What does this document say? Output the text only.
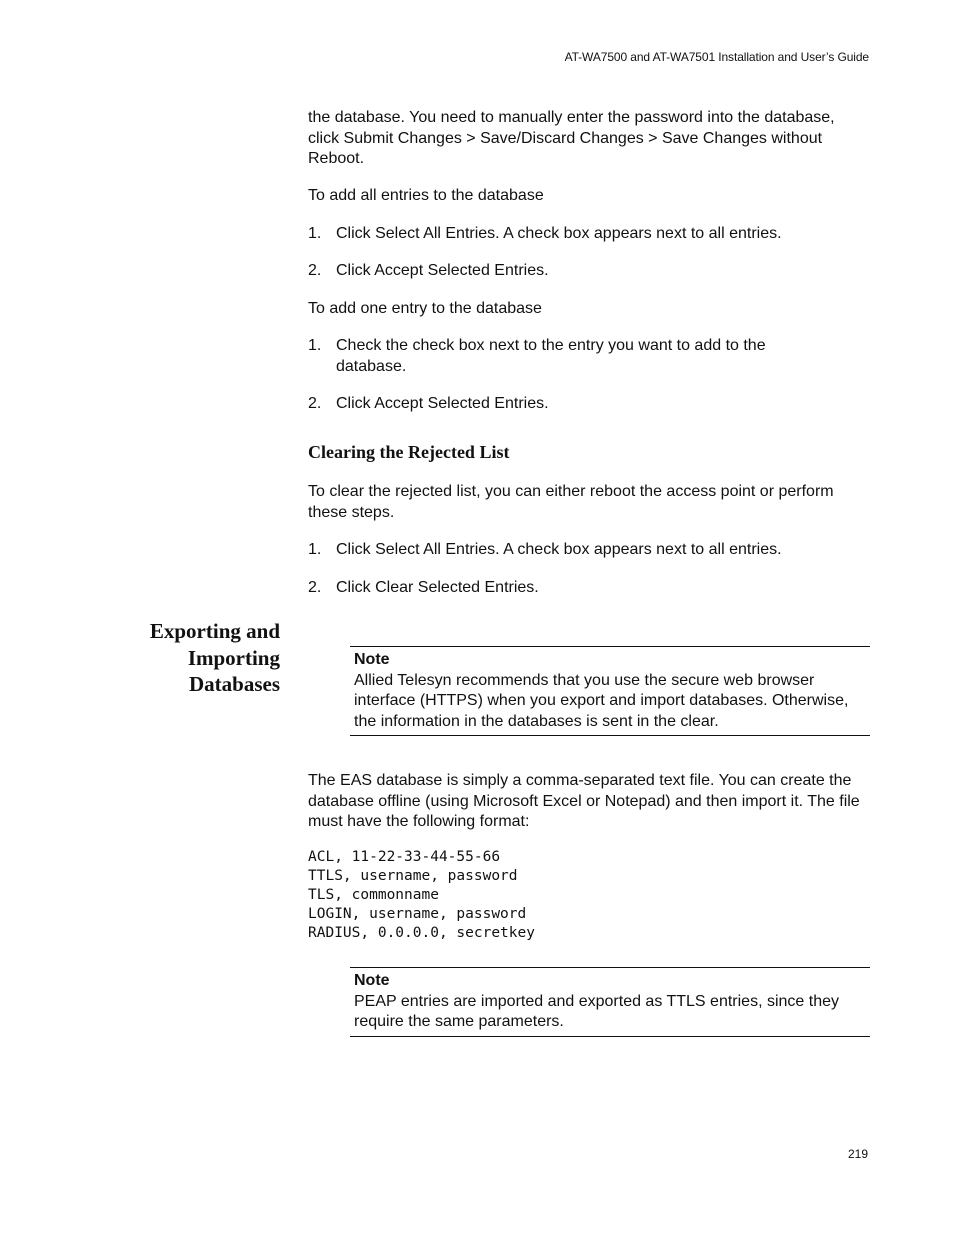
AT-WA7500 and AT-WA7501 Installation and User’s Guide

the database. You need to manually enter the password into the database, click Submit Changes > Save/Discard Changes > Save Changes without Reboot.

To add all entries to the database

1. Click Select All Entries. A check box appears next to all entries.
2. Click Accept Selected Entries.

To add one entry to the database

1. Check the check box next to the entry you want to add to the database.
2. Click Accept Selected Entries.
Clearing the Rejected List

To clear the rejected list, you can either reboot the access point or perform these steps.

1. Click Select All Entries. A check box appears next to all entries.
2. Click Clear Selected Entries.
Exporting and Importing Databases
Note
Allied Telesyn recommends that you use the secure web browser interface (HTTPS) when you export and import databases. Otherwise, the information in the databases is sent in the clear.

The EAS database is simply a comma-separated text file. You can create the database offline (using Microsoft Excel or Notepad) and then import it. The file must have the following format:

ACL, 11-22-33-44-55-66
TTLS, username, password
TLS, commonname
LOGIN, username, password
RADIUS, 0.0.0.0, secretkey
Note
PEAP entries are imported and exported as TTLS entries, since they require the same parameters.
219
